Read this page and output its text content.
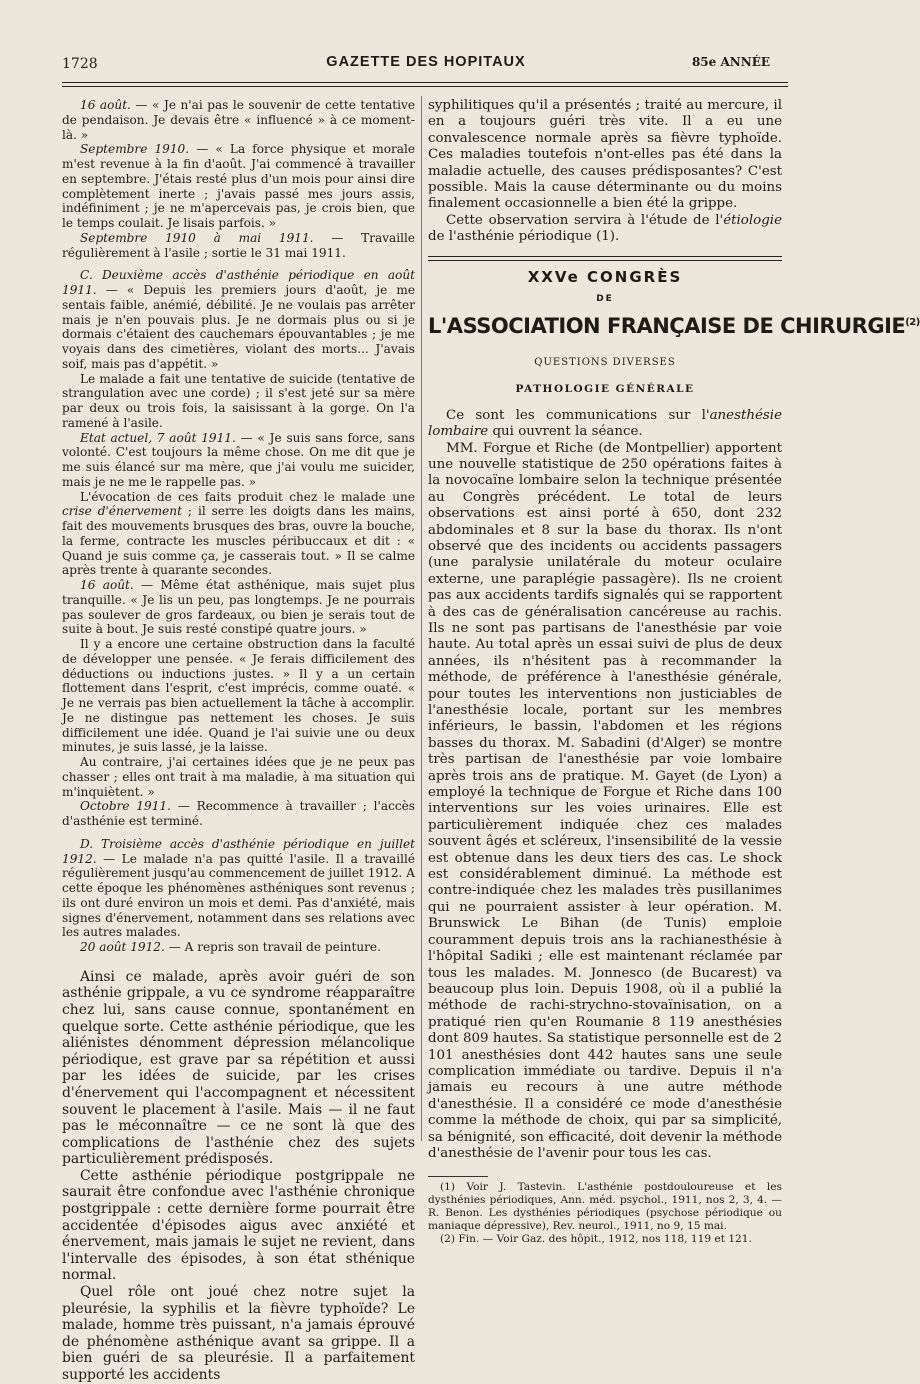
1728	GAZETTE DES HOPITAUX	85e ANNÉE

16 août. — « Je n'ai pas le souvenir de cette tentative de pendaison. Je devais être « influencé » à ce moment-là. »

Septembre 1910. — « La force physique et morale m'est revenue à la fin d'août. J'ai commencé à travailler en septembre. J'étais resté plus d'un mois pour ainsi dire complètement inerte ; j'avais passé mes jours assis, indéfiniment ; je ne m'apercevais pas, je crois bien, que le temps coulait. Je lisais parfois. »

Septembre 1910 à mai 1911. — Travaille régulièrement à l'asile ; sortie le 31 mai 1911.

C. Deuxième accès d'asthénie périodique en août 1911. — « Depuis les premiers jours d'août, je me sentais faible, anémié, débilité. Je ne voulais pas arrêter mais je n'en pouvais plus. Je ne dormais plus ou si je dormais c'étaient des cauchemars épouvantables ; je me voyais dans des cimetières, violant des morts... J'avais soif, mais pas d'appétit. »

Le malade a fait une tentative de suicide (tentative de strangulation avec une corde) ; il s'est jeté sur sa mère par deux ou trois fois, la saisissant à la gorge. On l'a ramené à l'asile.

Etat actuel, 7 août 1911. — « Je suis sans force, sans volonté. C'est toujours la même chose. On me dit que je me suis élancé sur ma mère, que j'ai voulu me suicider, mais je ne me le rappelle pas. »

L'évocation de ces faits produit chez le malade une crise d'énervement ; il serre les doigts dans les mains, fait des mouvements brusques des bras, ouvre la bouche, la ferme, contracte les muscles péribuccaux et dit : « Quand je suis comme ça, je casserais tout. » Il se calme après trente à quarante secondes.

16 août. — Même état asthénique, mais sujet plus tranquille. « Je lis un peu, pas longtemps. Je ne pourrais pas soulever de gros fardeaux, ou bien je serais tout de suite à bout. Je suis resté constipé quatre jours. »

Il y a encore une certaine obstruction dans la faculté de développer une pensée. « Je ferais difficilement des déductions ou inductions justes. » Il y a un certain flottement dans l'esprit, c'est imprécis, comme ouaté. « Je ne verrais pas bien actuellement la tâche à accomplir. Je ne distingue pas nettement les choses. Je suis difficilement une idée. Quand je l'ai suivie une ou deux minutes, je suis lassé, je la laisse.

Au contraire, j'ai certaines idées que je ne peux pas chasser ; elles ont trait à ma maladie, à ma situation qui m'inquiètent. »

Octobre 1911. — Recommence à travailler ; l'accès d'asthénie est terminé.

D. Troisième accès d'asthénie périodique en juillet 1912. — Le malade n'a pas quitté l'asile. Il a travaillé régulièrement jusqu'au commencement de juillet 1912. A cette époque les phénomènes asthéniques sont revenus ; ils ont duré environ un mois et demi. Pas d'anxiété, mais signes d'énervement, notamment dans ses relations avec les autres malades.

20 août 1912. — A repris son travail de peinture.

Ainsi ce malade, après avoir guéri de son asthénie grippale, a vu ce syndrome réapparaître chez lui, sans cause connue, spontanément en quelque sorte. Cette asthénie périodique, que les aliénistes dénomment dépression mélancolique périodique, est grave par sa répétition et aussi par les idées de suicide, par les crises d'énervement qui l'accompagnent et nécessitent souvent le placement à l'asile. Mais — il ne faut pas le méconnaître — ce ne sont là que des complications de l'asthénie chez des sujets particulièrement prédisposés.

Cette asthénie périodique postgrippale ne saurait être confondue avec l'asthénie chronique postgrippale : cette dernière forme pourrait être accidentée d'épisodes aigus avec anxiété et énervement, mais jamais le sujet ne revient, dans l'intervalle des épisodes, à son état sthénique normal.

Quel rôle ont joué chez notre sujet la pleurésie, la syphilis et la fièvre typhoïde? Le malade, homme très puissant, n'a jamais éprouvé de phénomène asthénique avant sa grippe. Il a bien guéri de sa pleurésie. Il a parfaitement supporté les accidents

syphilitiques qu'il a présentés ; traité au mercure, il en a toujours guéri très vite. Il a eu une convalescence normale après sa fièvre typhoïde. Ces maladies toutefois n'ont-elles pas été dans la maladie actuelle, des causes prédisposantes? C'est possible. Mais la cause déterminante ou du moins finalement occasionnelle a bien été la grippe.

Cette observation servira à l'étude de l'étiologie de l'asthénie périodique (1).

XXVe CONGRÈS
DE
L'ASSOCIATION FRANÇAISE DE CHIRURGIE$^{(2)}$
QUESTIONS DIVERSES
PATHOLOGIE GÉNÉRALE

Ce sont les communications sur l'anesthésie lombaire qui ouvrent la séance.

MM. Forgue et Riche (de Montpellier) apportent une nouvelle statistique de 250 opérations faites à la novocaïne lombaire selon la technique présentée au Congrès précédent. Le total de leurs observations est ainsi porté à 650, dont 232 abdominales et 8 sur la base du thorax. Ils n'ont observé que des incidents ou accidents passagers (une paralysie unilatérale du moteur oculaire externe, une paraplégie passagère). Ils ne croient pas aux accidents tardifs signalés qui se rapportent à des cas de généralisation cancéreuse au rachis. Ils ne sont pas partisans de l'anesthésie par voie haute. Au total après un essai suivi de plus de deux années, ils n'hésitent pas à recommander la méthode, de préférence à l'anesthésie générale, pour toutes les interventions non justiciables de l'anesthésie locale, portant sur les membres inférieurs, le bassin, l'abdomen et les régions basses du thorax. M. Sabadini (d'Alger) se montre très partisan de l'anesthésie par voie lombaire après trois ans de pratique. M. Gayet (de Lyon) a employé la technique de Forgue et Riche dans 100 interventions sur les voies urinaires. Elle est particulièrement indiquée chez ces malades souvent âgés et scléreux, l'insensibilité de la vessie est obtenue dans les deux tiers des cas. Le shock est considérablement diminué. La méthode est contre-indiquée chez les malades très pusillanimes qui ne pourraient assister à leur opération. M. Brunswick Le Bihan (de Tunis) emploie couramment depuis trois ans la rachianesthésie à l'hôpital Sadiki ; elle est maintenant réclamée par tous les malades. M. Jonnesco (de Bucarest) va beaucoup plus loin. Depuis 1908, où il a publié la méthode de rachi-strychno-stovaïnisation, on a pratiqué rien qu'en Roumanie 8 119 anesthésies dont 809 hautes. Sa statistique personnelle est de 2 101 anesthésies dont 442 hautes sans une seule complication immédiate ou tardive. Depuis il n'a jamais eu recours à une autre méthode d'anesthésie. Il a considéré ce mode d'anesthésie comme la méthode de choix, qui par sa simplicité, sa bénignité, son efficacité, doit devenir la méthode d'anesthésie de l'avenir pour tous les cas.

(1) Voir J. Tastevin. L'asthénie postdouloureuse et les dysthénies périodiques, Ann. méd. psychol., 1911, nos 2, 3, 4. — R. Benon. Les dysthénies périodiques (psychose périodique ou maniaque dépressive), Rev. neurol., 1911, no 9, 15 mai.

(2) Fin. — Voir Gaz. des hôpit., 1912, nos 118, 119 et 121.
